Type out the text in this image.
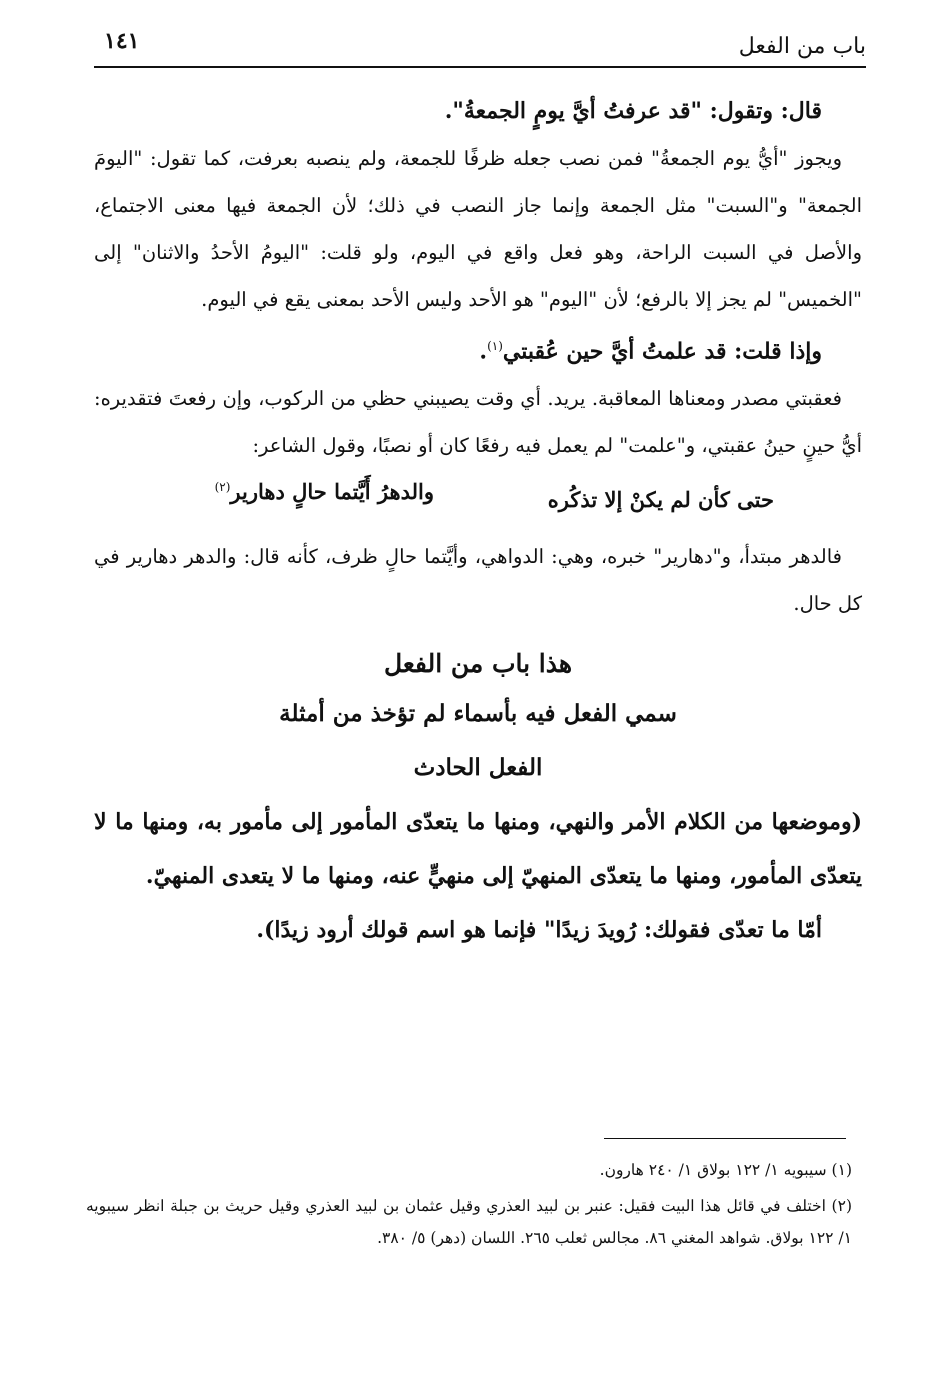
باب من الفعل
١٤١

قال: وتقول: "قد عرفتُ أيَّ يومٍ الجمعةُ".

ويجوز "أيُّ يوم الجمعةُ" فمن نصب جعله ظرفًا للجمعة، ولم ينصبه بعرفت، كما تقول: "اليومَ الجمعة" و"السبت" مثل الجمعة وإنما جاز النصب في ذلك؛ لأن الجمعة فيها معنى الاجتماع، والأصل في السبت الراحة، وهو فعل واقع في اليوم، ولو قلت: "اليومُ الأحدُ والاثنان" إلى "الخميس" لم يجز إلا بالرفع؛ لأن "اليوم" هو الأحد وليس الأحد بمعنى يقع في اليوم.

وإذا قلت: قد علمتُ أيَّ حين عُقبتي$^{(١)}$.

فعقبتي مصدر ومعناها المعاقبة. يريد. أي وقت يصيبني حظي من الركوب، وإن رفعتَ فتقديره: أيُّ حينٍ حينُ عقبتي، و"علمت" لم يعمل فيه رفعًا كان أو نصبًا، وقول الشاعر:

حتى كأن لم يكنْ إلا تذكُره
والدهرُ أَيَّتما حالٍ دهارير$^{(٢)}$

فالدهر مبتدأ، و"دهارير" خبره، وهي: الدواهي، وأيَّتما حالٍ ظرف، كأنه قال: والدهر دهارير في كل حال.

هذا باب من الفعل

سمي الفعل فيه بأسماء لم تؤخذ من أمثلة

الفعل الحادث

(وموضعها من الكلام الأمر والنهي، ومنها ما يتعدّى المأمور إلى مأمور به، ومنها ما لا يتعدّى المأمور، ومنها ما يتعدّى المنهيّ إلى منهيٍّ عنه، ومنها ما لا يتعدى المنهيّ.

أمّا ما تعدّى فقولك: رُويدَ زيدًا" فإنما هو اسم قولك أرود زيدًا).

(١) سيبويه ١/ ١٢٢ بولاق ١/ ٢٤٠ هارون.

(٢) اختلف في قائل هذا البيت فقيل: عنبر بن لبيد العذري وقيل عثمان بن لبيد العذري وقيل حريث بن جبلة انظر سيبويه ١/ ١٢٢ بولاق. شواهد المغني ٨٦. مجالس ثعلب ٢٦٥. اللسان (دهر) ٥/ ٣٨٠.
